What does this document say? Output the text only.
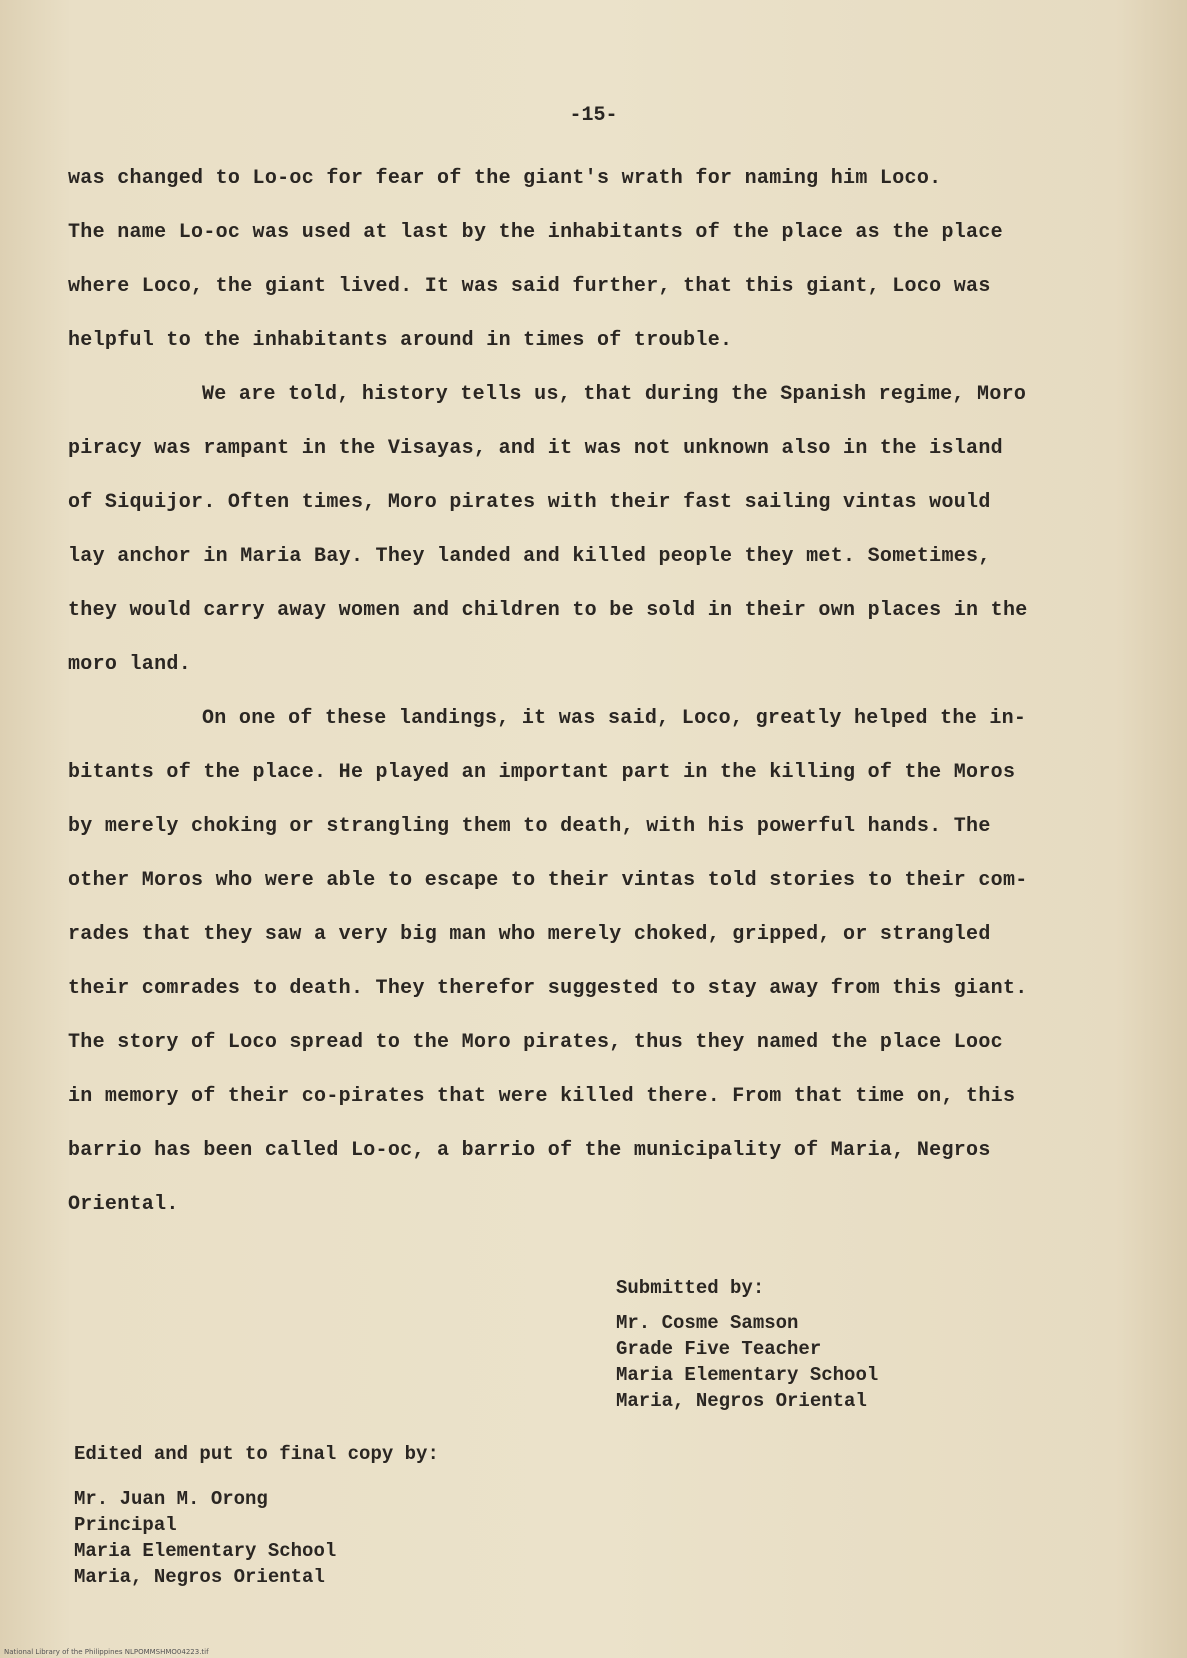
-15-
was changed to Lo-oc for fear of the giant's wrath for naming him Loco.
The name Lo-oc was used at last by the inhabitants of the place as the place
where Loco, the giant lived. It was said further, that this giant, Loco was
helpful to the inhabitants around in times of trouble.
We are told, history tells us, that during the Spanish regime, Moro
piracy was rampant in the Visayas, and it was not unknown also in the island
of Siquijor. Often times, Moro pirates with their fast sailing vintas would
lay anchor in Maria Bay. They landed and killed people they met. Sometimes,
they would carry away women and children to be sold in their own places in the
moro land.
On one of these landings, it was said, Loco, greatly helped the in-
bitants of the place. He played an important part in the killing of the Moros
by merely choking or strangling them to death, with his powerful hands. The
other Moros who were able to escape to their vintas told stories to their com-
rades that they saw a very big man who merely choked, gripped, or strangled
their comrades to death. They therefor suggested to stay away from this giant.
The story of Loco spread to the Moro pirates, thus they named the place Looc
in memory of their co-pirates that were killed there. From that time on, this
barrio has been called Lo-oc, a barrio of the municipality of Maria, Negros
Oriental.
Submitted by:
Mr. Cosme Samson
Grade Five Teacher
Maria Elementary School
Maria, Negros Oriental
Edited and put to final copy by:
Mr. Juan M. Orong
Principal
Maria Elementary School
Maria, Negros Oriental
National Library of the Philippines NLPOMMSHMO04223.tif
